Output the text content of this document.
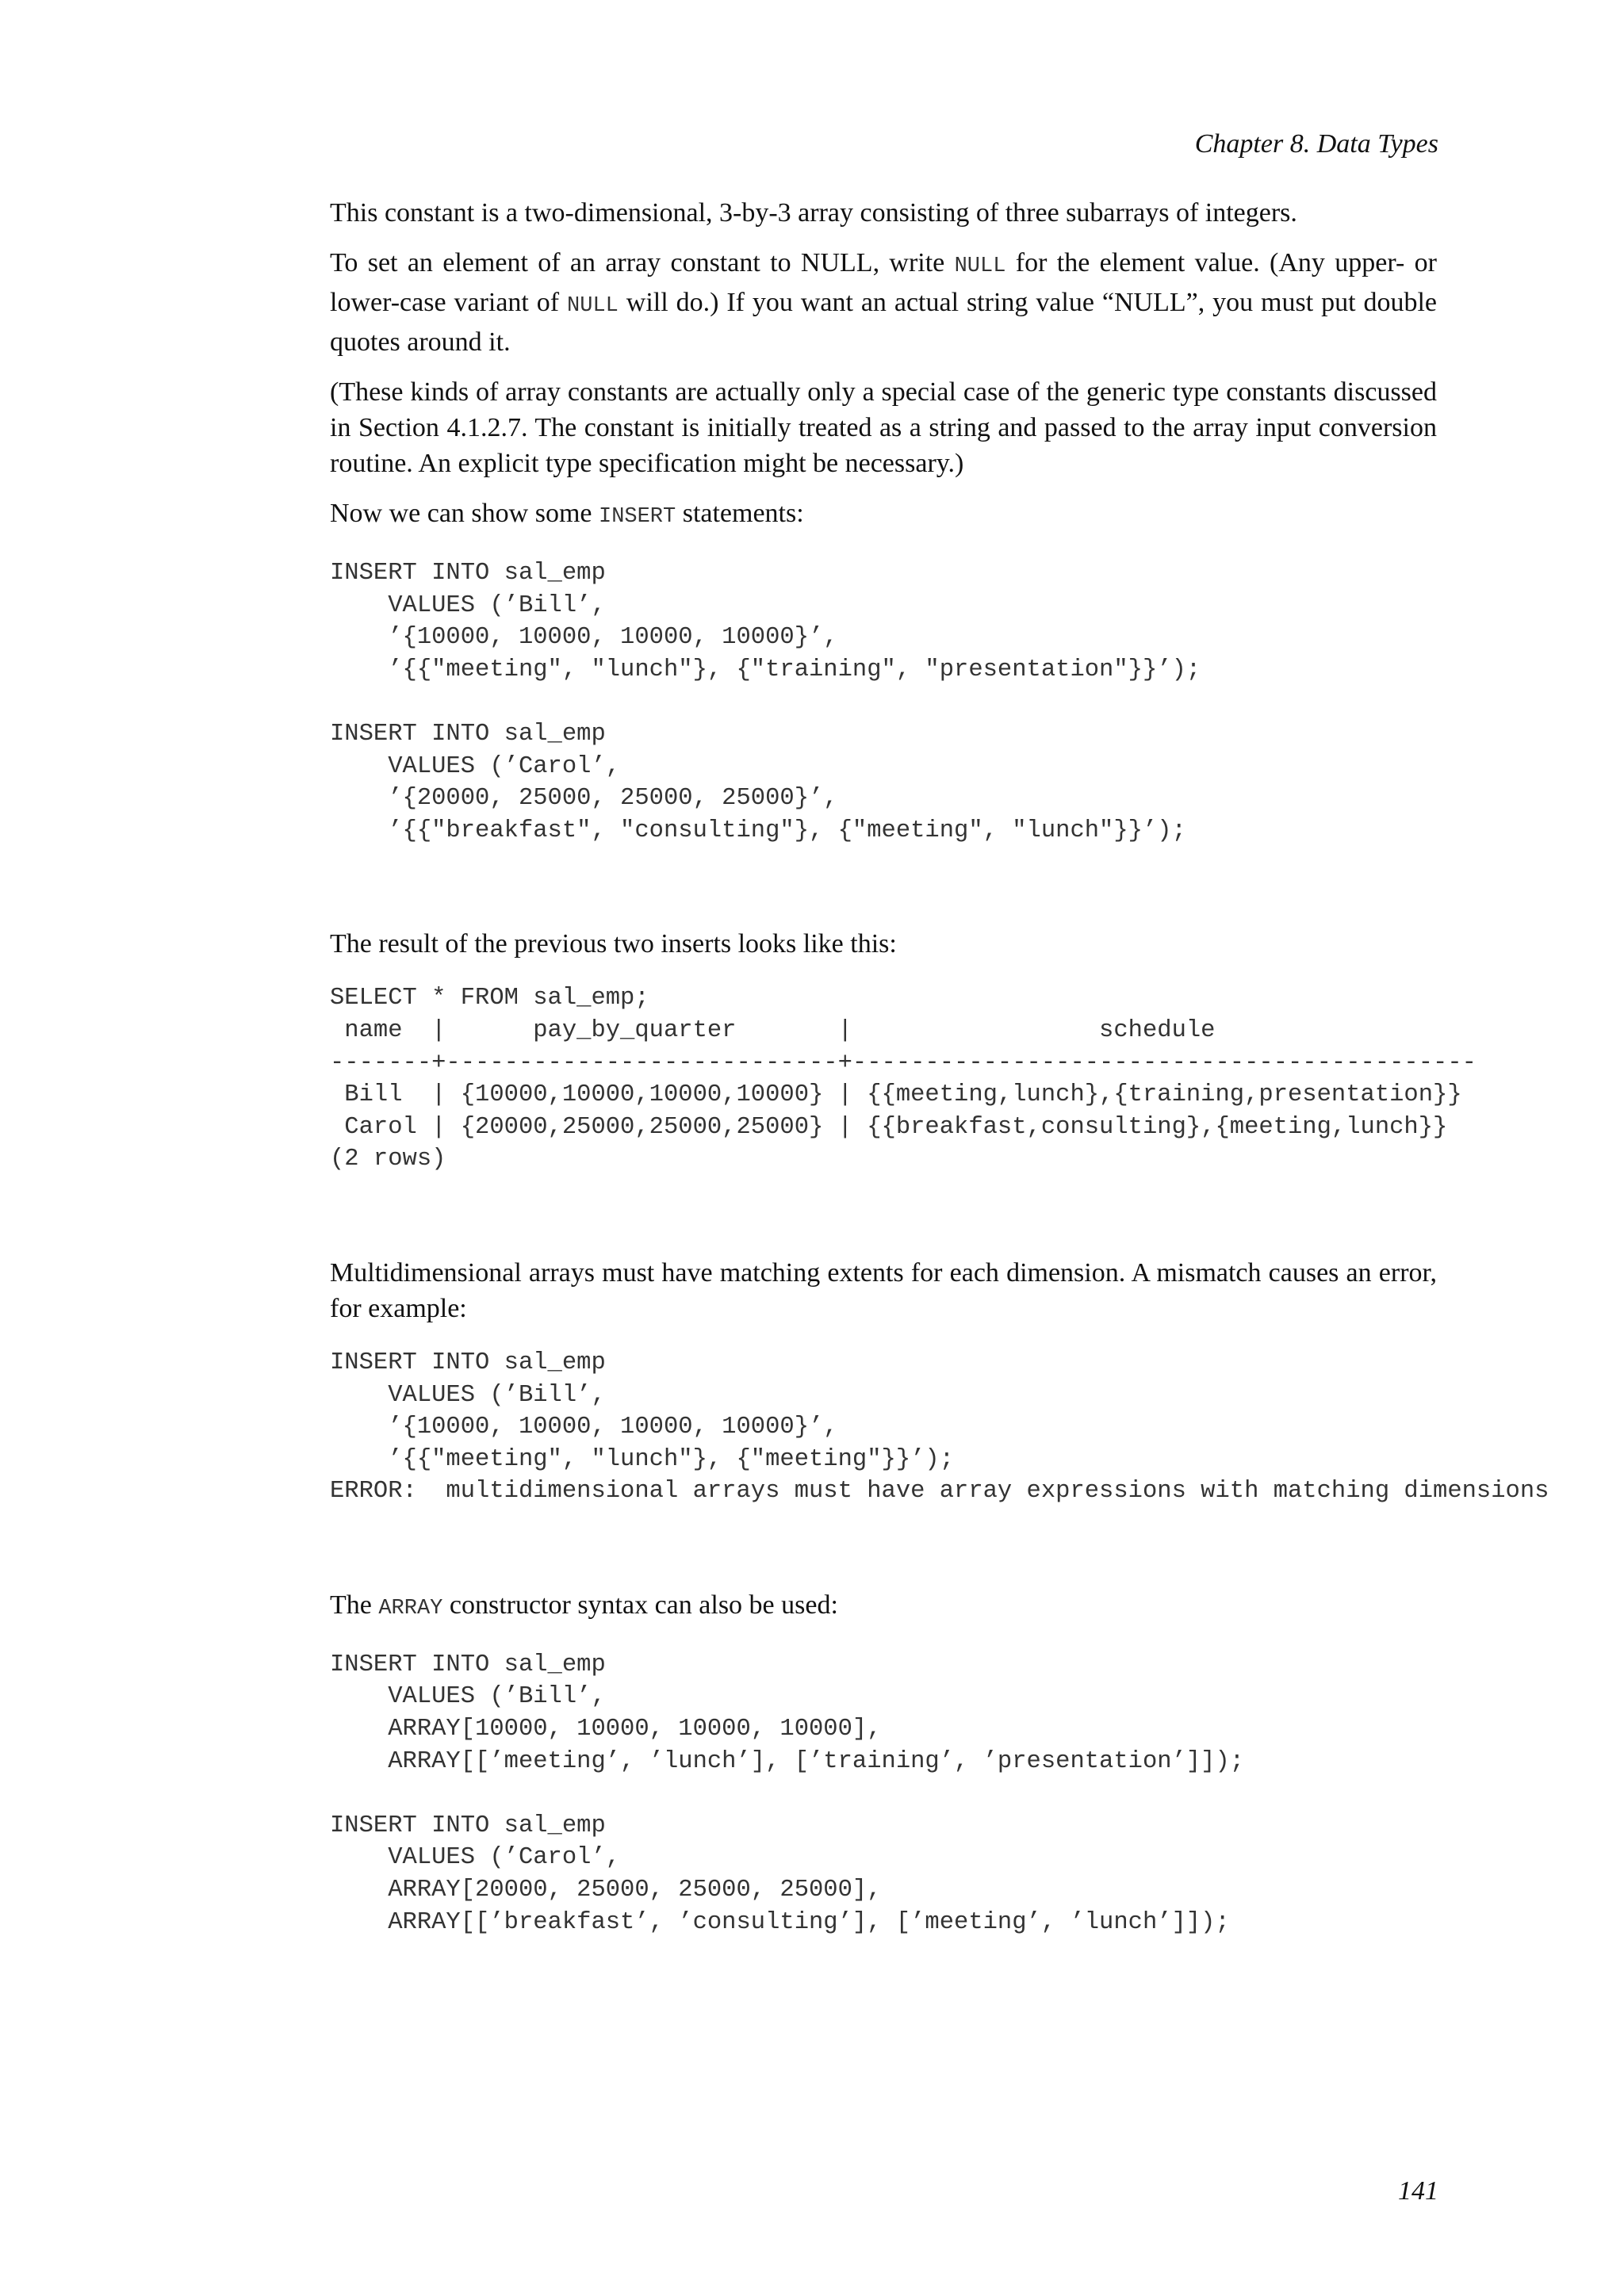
Chapter 8. Data Types

This constant is a two-dimensional, 3-by-3 array consisting of three subarrays of integers.

To set an element of an array constant to NULL, write NULL for the element value. (Any upper- or lower-case variant of NULL will do.) If you want an actual string value “NULL”, you must put double quotes around it.

(These kinds of array constants are actually only a special case of the generic type constants discussed in Section 4.1.2.7. The constant is initially treated as a string and passed to the array input conversion routine. An explicit type specification might be necessary.)

Now we can show some INSERT statements:

INSERT INTO sal_emp
VALUES (’Bill’,
’{10000, 10000, 10000, 10000}’,
’{{"meeting", "lunch"}, {"training", "presentation"}}’);

INSERT INTO sal_emp
VALUES (’Carol’,
’{20000, 25000, 25000, 25000}’,
’{{"breakfast", "consulting"}, {"meeting", "lunch"}}’);

The result of the previous two inserts looks like this:

SELECT * FROM sal_emp;
name  |      pay_by_quarter       |                 schedule
-------+---------------------------+-------------------------------------------
Bill  | {10000,10000,10000,10000} | {{meeting,lunch},{training,presentation}}
Carol | {20000,25000,25000,25000} | {{breakfast,consulting},{meeting,lunch}}
(2 rows)

Multidimensional arrays must have matching extents for each dimension. A mismatch causes an error, for example:

INSERT INTO sal_emp
VALUES (’Bill’,
’{10000, 10000, 10000, 10000}’,
’{{"meeting", "lunch"}, {"meeting"}}’);
ERROR:  multidimensional arrays must have array expressions with matching dimensions

The ARRAY constructor syntax can also be used:

INSERT INTO sal_emp
VALUES (’Bill’,
ARRAY[10000, 10000, 10000, 10000],
ARRAY[[’meeting’, ’lunch’], [’training’, ’presentation’]]);

INSERT INTO sal_emp
VALUES (’Carol’,
ARRAY[20000, 25000, 25000, 25000],
ARRAY[[’breakfast’, ’consulting’], [’meeting’, ’lunch’]]);
141
